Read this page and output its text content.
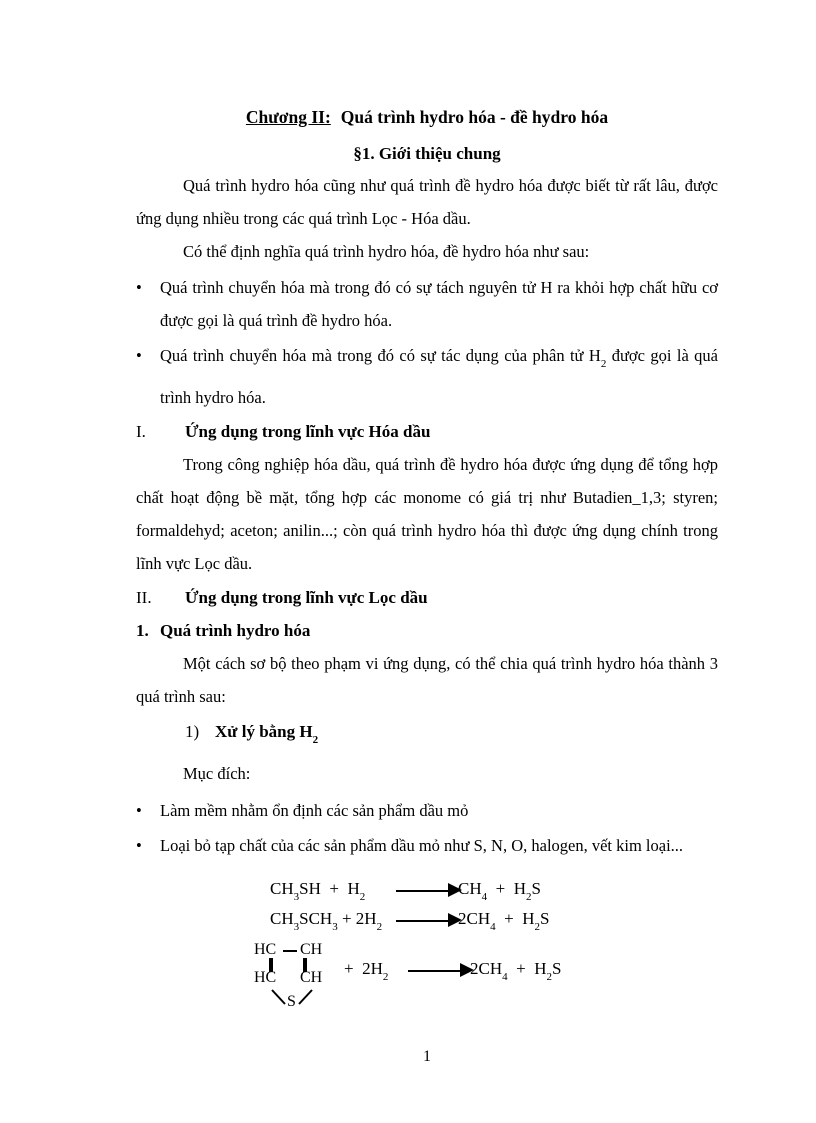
Chương II: Quá trình hydro hóa - đề hydro hóa
§1. Giới thiệu chung

Quá trình hydro hóa cũng như quá trình đề hydro hóa được biết từ rất lâu, được ứng dụng nhiều trong các quá trình Lọc - Hóa dầu.

Có thể định nghĩa quá trình hydro hóa, đề hydro hóa như sau:

•	Quá trình chuyển hóa mà trong đó có sự tách nguyên tử H ra khỏi hợp chất hữu cơ được gọi là quá trình đề hydro hóa.
•	Quá trình chuyển hóa mà trong đó có sự tác dụng của phân tử $H_2$ được gọi là quá trình hydro hóa.
I.	Ứng dụng trong lĩnh vực Hóa dầu

Trong công nghiệp hóa dầu, quá trình đề hydro hóa được ứng dụng để tổng hợp chất hoạt động bề mặt, tổng hợp các monome có giá trị như Butadien_1,3; styren; formaldehyd; aceton; anilin...; còn quá trình hydro hóa thì được ứng dụng chính trong lĩnh vực Lọc dầu.

II.	Ứng dụng trong lĩnh vực Lọc dầu
1. Quá trình hydro hóa

Một cách sơ bộ theo phạm vi ứng dụng, có thể chia quá trình hydro hóa thành 3 quá trình sau:

1) Xử lý bằng $H_2$

Mục đích:

•	Làm mềm nhằm ổn định các sản phẩm dầu mỏ
•	Loại bỏ tạp chất của các sản phẩm dầu mỏ như S, N, O, halogen, vết kim loại...
$CH_3SH + H_2$	→ $CH_4 + H_2S$
$CH_3SCH_3 + 2H_2 \to 2CH_4 + H_2S$
HC CH
HC CH
S
+  $2H_2$	→ $2CH_4 + H_2S$
1
